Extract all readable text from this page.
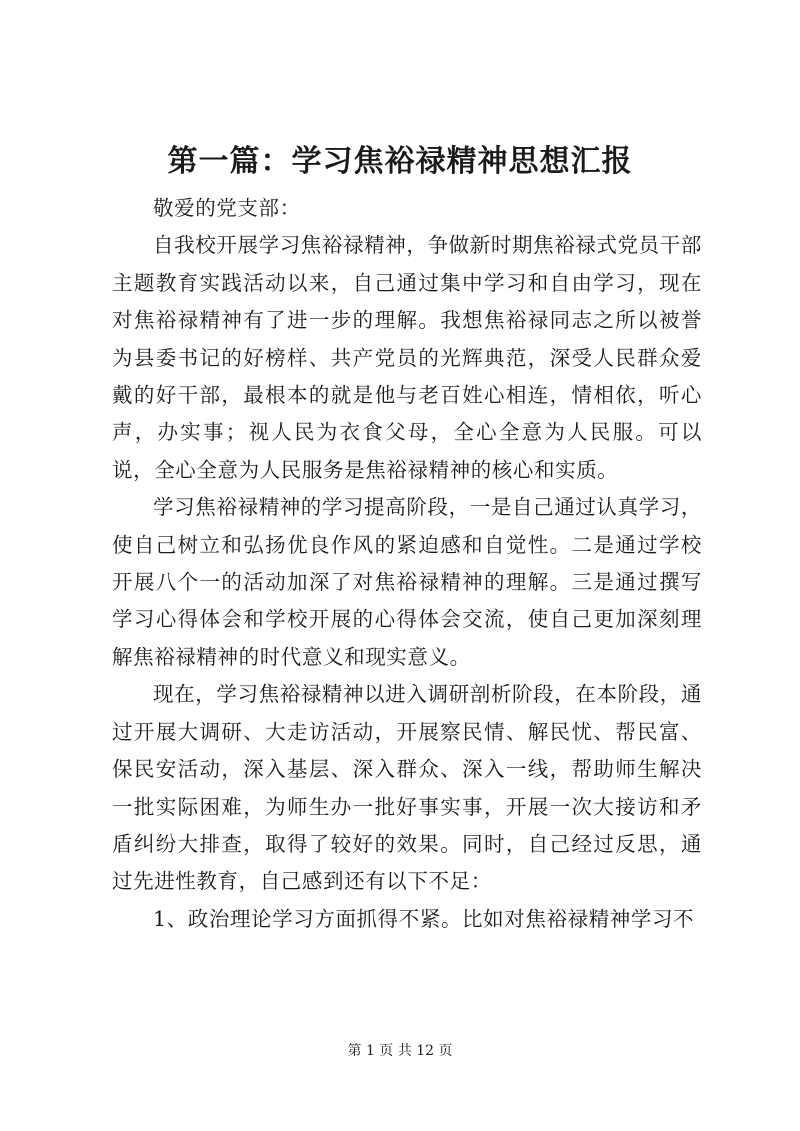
第一篇：学习焦裕禄精神思想汇报

敬爱的党支部：

自我校开展学习焦裕禄精神，争做新时期焦裕禄式党员干部主题教育实践活动以来，自己通过集中学习和自由学习，现在对焦裕禄精神有了进一步的理解。我想焦裕禄同志之所以被誉为县委书记的好榜样、共产党员的光辉典范，深受人民群众爱戴的好干部，最根本的就是他与老百姓心相连，情相依，听心声，办实事；视人民为衣食父母，全心全意为人民服。可以说，全心全意为人民服务是焦裕禄精神的核心和实质。

学习焦裕禄精神的学习提高阶段，一是自己通过认真学习，使自己树立和弘扬优良作风的紧迫感和自觉性。二是通过学校开展八个一的活动加深了对焦裕禄精神的理解。三是通过撰写学习心得体会和学校开展的心得体会交流，使自己更加深刻理解焦裕禄精神的时代意义和现实意义。

现在，学习焦裕禄精神以进入调研剖析阶段，在本阶段，通过开展大调研、大走访活动，开展察民情、解民忧、帮民富、保民安活动，深入基层、深入群众、深入一线，帮助师生解决一批实际困难，为师生办一批好事实事，开展一次大接访和矛盾纠纷大排查，取得了较好的效果。同时，自己经过反思，通过先进性教育，自己感到还有以下不足：

1、政治理论学习方面抓得不紧。比如对焦裕禄精神学习不

第 1 页 共 12 页
